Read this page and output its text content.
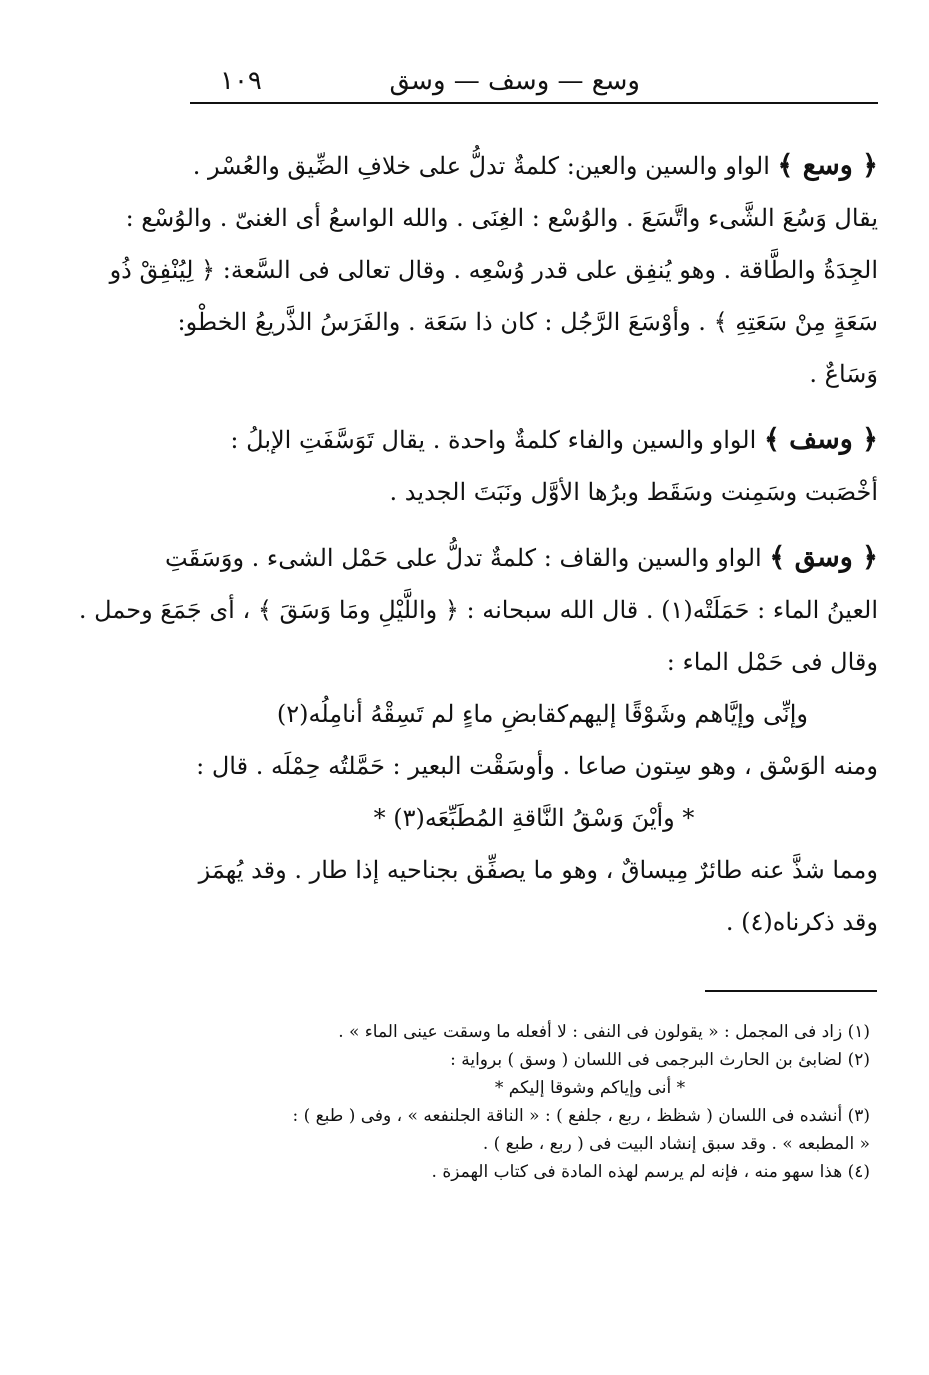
وسع — وسف — وسق
١٠٩
﴿ وسع ﴾ الواو والسين والعين: كلمةٌ تدلُّ على خلافِ الضِّيق والعُسْر .
يقال وَسُعَ الشَّىء واتَّسَعَ . والوُسْع : الغِنَى . والله الواسعُ أى الغنىّ . والوُسْع :
الجِدَةُ والطَّاقة . وهو يُنفِق على قدر وُسْعِه . وقال تعالى فى السَّعة: ﴿ لِيُنْفِقْ ذُو
سَعَةٍ مِنْ سَعَتِهِ ﴾ . وأوْسَعَ الرَّجُل : كان ذا سَعَة . والفَرَسُ الذَّريعُ الخطْو:
وَسَاعٌ .
﴿ وسف ﴾ الواو والسين والفاء كلمةٌ واحدة . يقال تَوَسَّفَتِ الإبلُ :
أخْصَبت وسَمِنت وسَقَط وبرُها الأوَّل ونَبَتَ الجديد .
﴿ وسق ﴾ الواو والسين والقاف : كلمةٌ تدلُّ على حَمْل الشىء . ووَسَقَتِ
العينُ الماء : حَمَلَتْه(١) . قال الله سبحانه : ﴿ واللَّيْلِ ومَا وَسَقَ ﴾ ، أى جَمَعَ وحمل .
وقال فى حَمْل الماء :
وإنِّى وإيَّاهم وشَوْقًا إليهم
كقابضِ ماءٍ لم تَسِقْهُ أنامِلُه(٢)
ومنه الوَسْق ، وهو سِتون صاعا . وأوسَقْت البعير : حَمَّلتُه حِمْلَه . قال :
* وأيْنَ وَسْقُ النَّاقةِ المُطَبِّعَه(٣) *
ومما شذَّ عنه طائرٌ مِيساقٌ ، وهو ما يصفِّق بجناحيه إذا طار . وقد يُهمَز
وقد ذكرناه(٤) .
(١) زاد فى المجمل : « يقولون فى النفى : لا أفعله ما وسقت عينى الماء » .
(٢) لضابئ بن الحارث البرجمى فى اللسان ( وسق ) برواية :
* أنى وإياكم وشوقا إليكم *
(٣) أنشده فى اللسان ( شظظ ، ربع ، جلفع ) : « الناقة الجلنفعه » ، وفى ( طبع ) :
« المطبعه » . وقد سبق إنشاد البيت فى ( ربع ، طبع ) .
(٤) هذا سهو منه ، فإنه لم يرسم لهذه المادة فى كتاب الهمزة .
